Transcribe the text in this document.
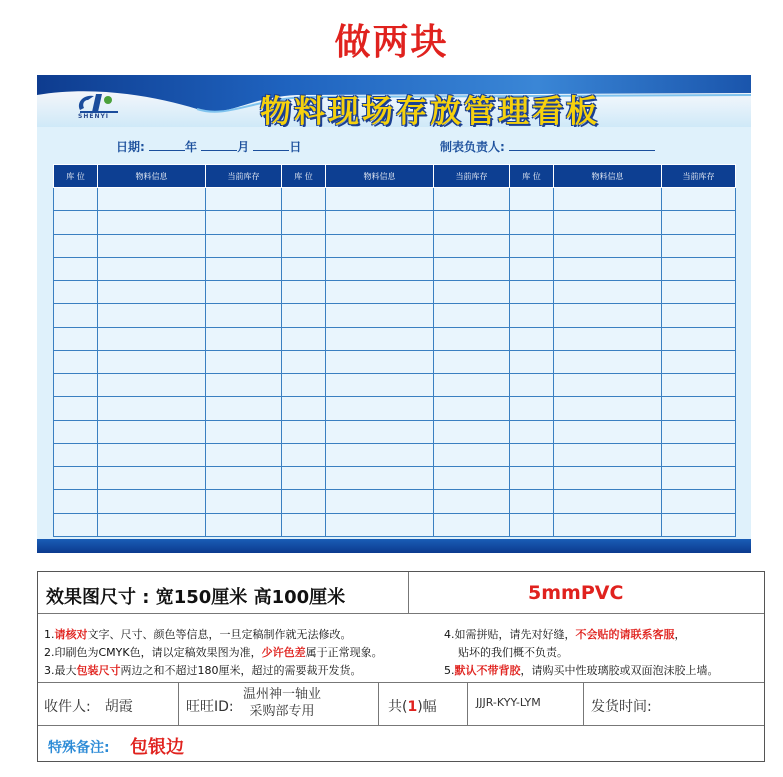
做两块
SHENYI	物料现场存放管理看板
日期:	年	月	日	制表负责人:
库 位	物料信息	当前库存	库 位	物料信息	当前库存	库 位	物料信息	当前库存

效果图尺寸 : 宽150厘米 高100厘米	5mmPVC
1.请核对文字、尺寸、颜色等信息，一旦定稿制作就无法修改。
2.印刷色为CMYK色，请以定稿效果图为准，少许色差属于正常现象。
3.最大包装尺寸两边之和不超过180厘米，超过的需要裁开发货。
4.如需拼贴，请先对好缝，不会贴的请联系客服，
贴坏的我们概不负责。
5.默认不带背胶，请购买中性玻璃胶或双面泡沫胶上墙。
收件人: 胡霞	旺旺ID:
温州神一轴业
采购部专用	共(1)幅	JJJR-KYY-LYM	发货时间:
特殊备注: 包银边
